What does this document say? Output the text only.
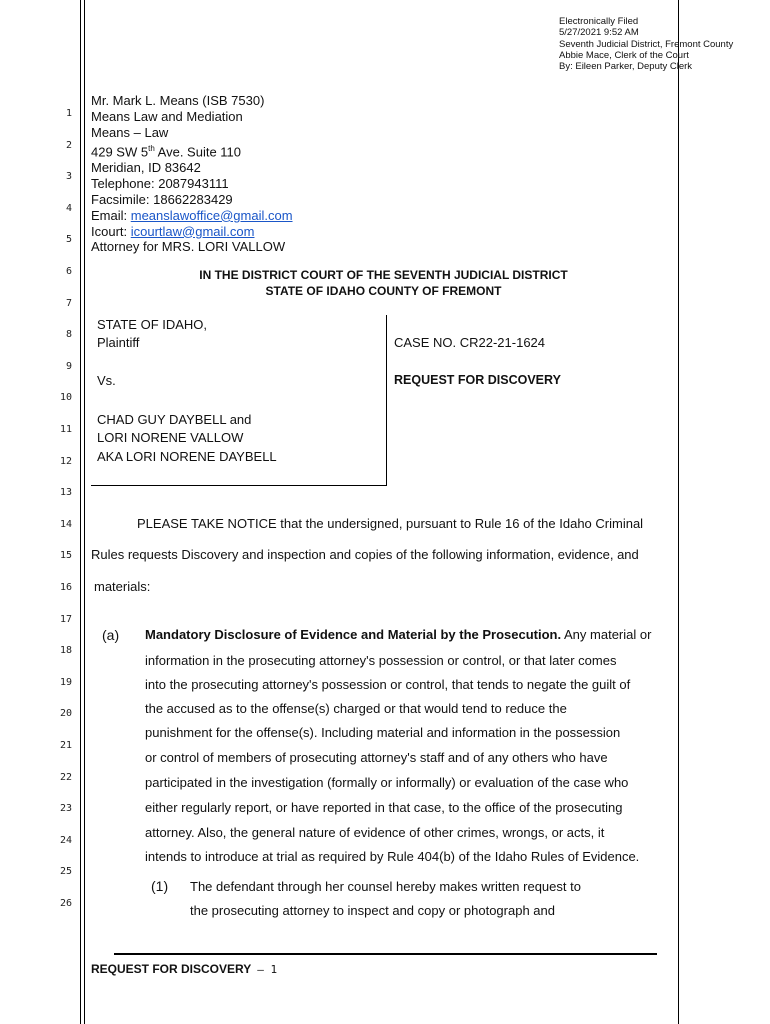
Electronically Filed
5/27/2021 9:52 AM
Seventh Judicial District, Fremont County
Abbie Mace, Clerk of the Court
By: Eileen Parker, Deputy Clerk
1
2
3
4
5
6
7
8
9
10
11
12
13
14
15
16
17
18
19
20
21
22
23
24
25
26
Mr. Mark L. Means (ISB 7530)
Means Law and Mediation
Means – Law
429 SW 5th Ave. Suite 110
Meridian, ID 83642
Telephone: 2087943111
Facsimile: 18662283429
Email: meanslawoffice@gmail.com
Icourt: icourtlaw@gmail.com
Attorney for MRS. LORI VALLOW
IN THE DISTRICT COURT OF THE SEVENTH JUDICIAL DISTRICT
STATE OF IDAHO COUNTY OF FREMONT
STATE OF IDAHO,
Plaintiff
Vs.
CHAD GUY DAYBELL and
LORI NORENE VALLOW
AKA LORI NORENE DAYBELL
CASE NO. CR22-21-1624
REQUEST FOR DISCOVERY
PLEASE TAKE NOTICE that the undersigned, pursuant to Rule 16 of the Idaho Criminal
Rules requests Discovery and inspection and copies of the following information, evidence, and
materials:
(a) Mandatory Disclosure of Evidence and Material by the Prosecution. Any material or
information in the prosecuting attorney's possession or control, or that later comes
into the prosecuting attorney's possession or control, that tends to negate the guilt of
the accused as to the offense(s) charged or that would tend to reduce the
punishment for the offense(s). Including material and information in the possession
or control of members of prosecuting attorney's staff and of any others who have
participated in the investigation (formally or informally) or evaluation of the case who
either regularly report, or have reported in that case, to the office of the prosecuting
attorney. Also, the general nature of evidence of other crimes, wrongs, or acts, it
intends to introduce at trial as required by Rule 404(b) of the Idaho Rules of Evidence.
(1) The defendant through her counsel hereby makes written request to
the prosecuting attorney to inspect and copy or photograph and
REQUEST FOR DISCOVERY – 1
